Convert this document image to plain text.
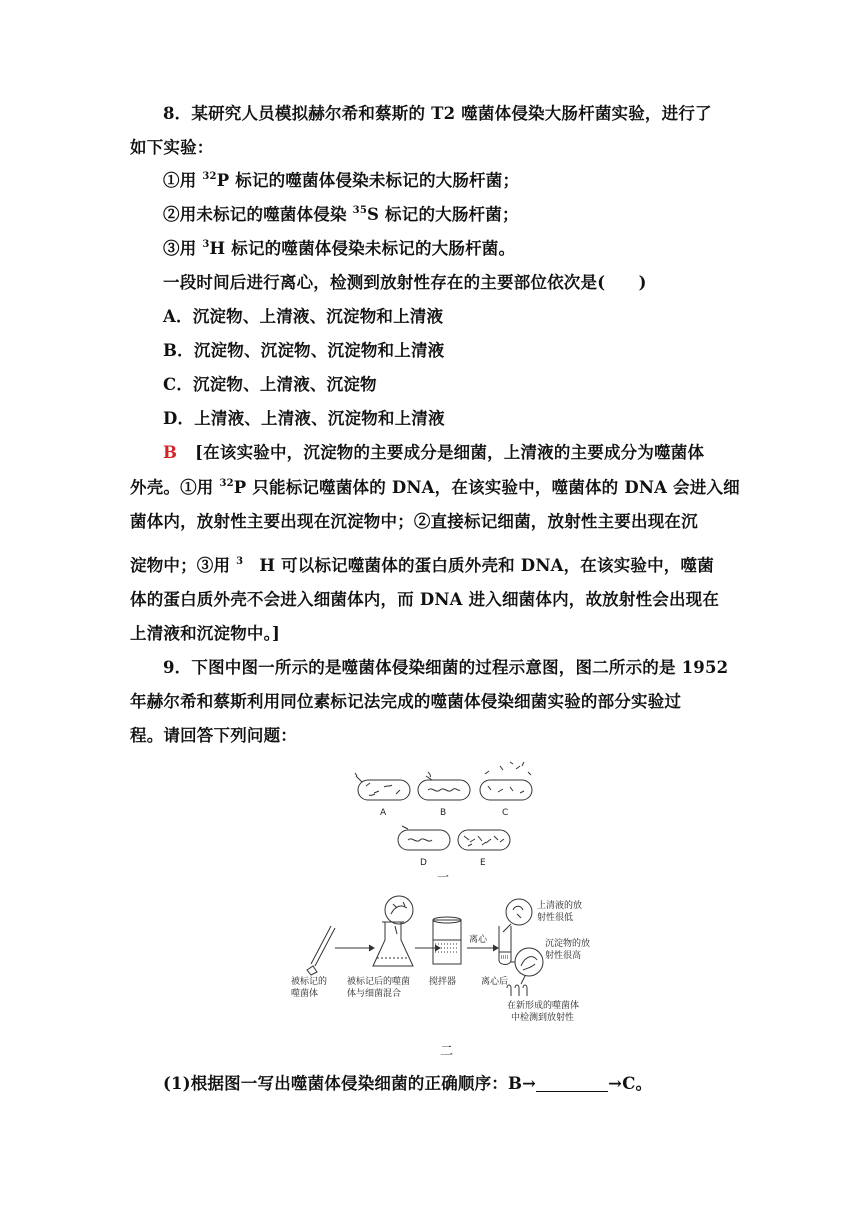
8．某研究人员模拟赫尔希和蔡斯的 T2 噬菌体侵染大肠杆菌实验，进行了
如下实验：
①用 $^{32}$P 标记的噬菌体侵染未标记的大肠杆菌；
②用未标记的噬菌体侵染 $^{35}$S 标记的大肠杆菌；
③用 $^3$H 标记的噬菌体侵染未标记的大肠杆菌。
一段时间后进行离心，检测到放射性存在的主要部位依次是(　　)
A．沉淀物、上清液、沉淀物和上清液
B．沉淀物、沉淀物、沉淀物和上清液
C．沉淀物、上清液、沉淀物
D．上清液、上清液、沉淀物和上清液
B [在该实验中，沉淀物的主要成分是细菌，上清液的主要成分为噬菌体
外壳。①用 $^{32}$P 只能标记噬菌体的 DNA，在该实验中，噬菌体的 DNA 会进入细
菌体内，放射性主要出现在沉淀物中；②直接标记细菌，放射性主要出现在沉
淀物中；③用 $^3$ H 可以标记噬菌体的蛋白质外壳和 DNA，在该实验中，噬菌
体的蛋白质外壳不会进入细菌体内，而 DNA 进入细菌体内，故放射性会出现在
上清液和沉淀物中。]
9．下图中图一所示的是噬菌体侵染细菌的过程示意图，图二所示的是 1952
年赫尔希和蔡斯利用同位素标记法完成的噬菌体侵染细菌实验的部分实验过
程。请回答下列问题：
A	B	C
D	E
一
被标记的
噬菌体
被标记后的噬菌
体与细菌混合
搅拌器
离心
离心后
上清液的放
射性很低
沉淀物的放
射性很高
在新形成的噬菌体
中检测到放射性
二
(1)根据图一写出噬菌体侵染细菌的正确顺序：B→	→C。
